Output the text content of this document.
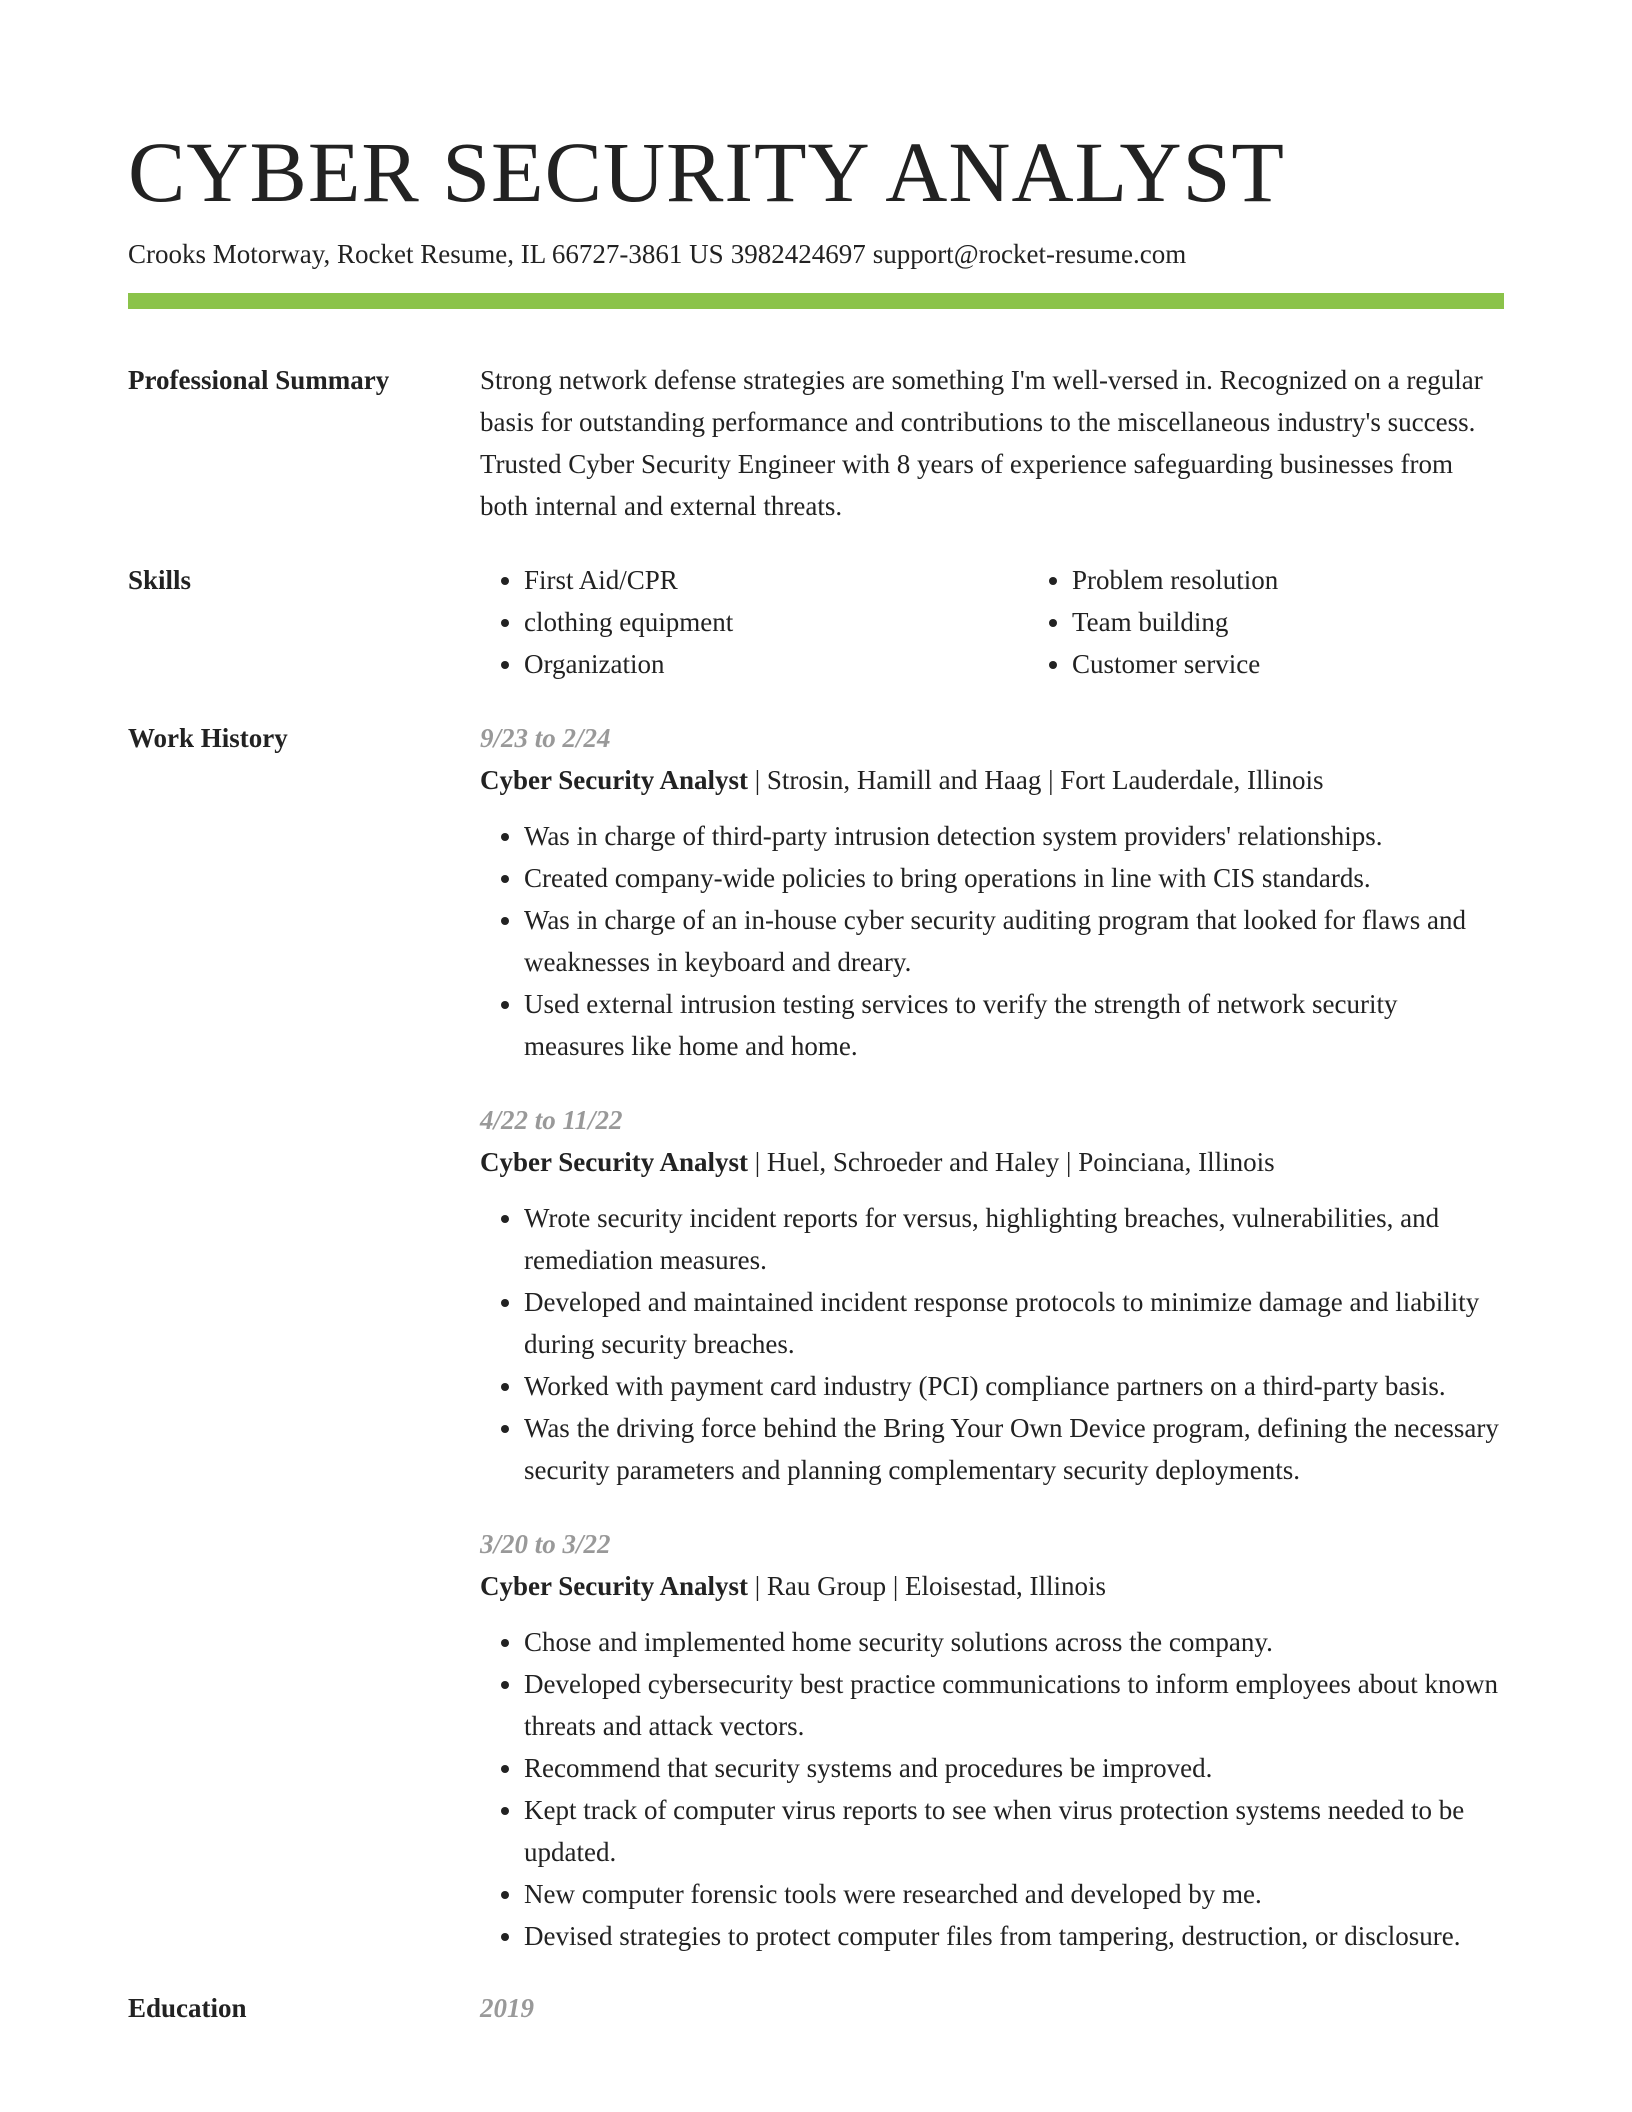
CYBER SECURITY ANALYST
Crooks Motorway, Rocket Resume, IL 66727-3861 US 3982424697 support@rocket-resume.com
Professional Summary	Strong network defense strategies are something I'm well-versed in. Recognized on a regular basis for outstanding performance and contributions to the miscellaneous industry's success. Trusted Cyber Security Engineer with 8 years of experience safeguarding businesses from both internal and external threats.

Skills
•	First Aid/CPR
• clothing equipment
• Organization
• Problem resolution
• Team building
• Customer service
Work History	9/23 to 2/24
Cyber Security Analyst | Strosin, Hamill and Haag | Fort Lauderdale, Illinois
• Was in charge of third-party intrusion detection system providers' relationships.
• Created company-wide policies to bring operations in line with CIS standards.
• Was in charge of an in-house cyber security auditing program that looked for flaws and weaknesses in keyboard and dreary.
• Used external intrusion testing services to verify the strength of network security measures like home and home.
4/22 to 11/22
Cyber Security Analyst | Huel, Schroeder and Haley | Poinciana, Illinois
• Wrote security incident reports for versus, highlighting breaches, vulnerabilities, and remediation measures.
• Developed and maintained incident response protocols to minimize damage and liability during security breaches.
• Worked with payment card industry (PCI) compliance partners on a third-party basis.
• Was the driving force behind the Bring Your Own Device program, defining the necessary security parameters and planning complementary security deployments.
3/20 to 3/22
Cyber Security Analyst | Rau Group | Eloisestad, Illinois
• Chose and implemented home security solutions across the company.
• Developed cybersecurity best practice communications to inform employees about known threats and attack vectors.
• Recommend that security systems and procedures be improved.
• Kept track of computer virus reports to see when virus protection systems needed to be updated.
• New computer forensic tools were researched and developed by me.
• Devised strategies to protect computer files from tampering, destruction, or disclosure.
Education	2019
